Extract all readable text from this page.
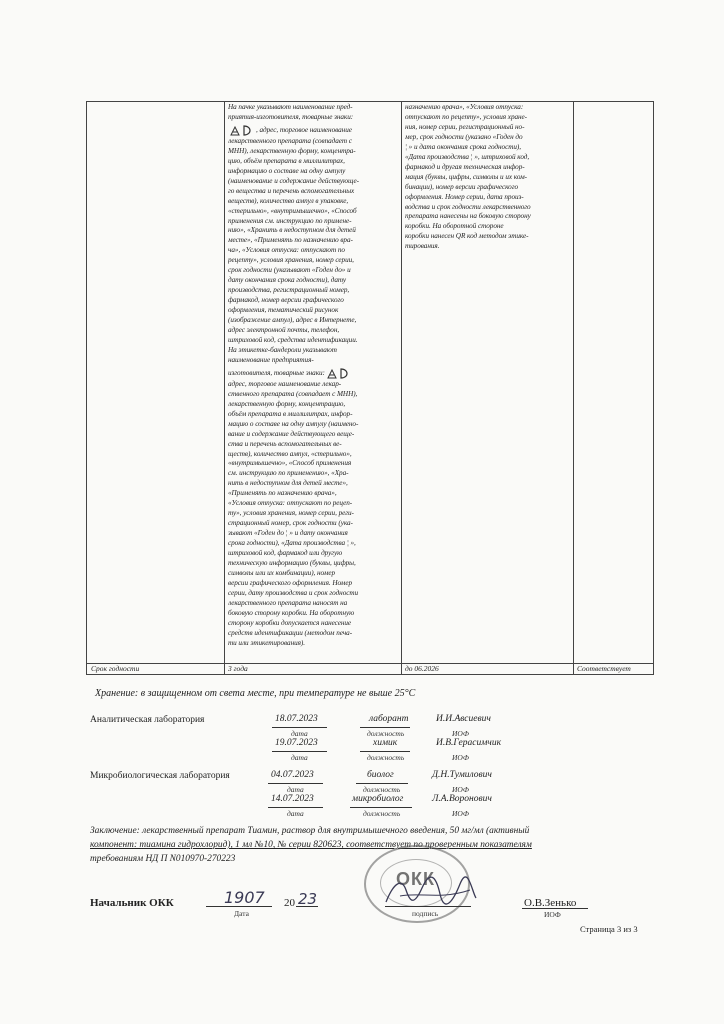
На пачке указывают наименование пред-
приятия-изготовителя, товарные знаки:
, адрес, торговое наименование
лекарственного препарата (совпадает с
МНН), лекарственную форму, концентра-
цию, объём препарата в миллилитрах,
информацию о составе на одну ампулу
(наименование и содержание действующе-
го вещества и перечень вспомогательных
веществ), количество ампул в упаковке,
«стерильно», «внутримышечно», «Способ
применения см. инструкцию по примене-
нию», «Хранить в недоступном для детей
месте», «Применять по назначению вра-
ча», «Условия отпуска: отпускают по
рецепту», условия хранения, номер серии,
срок годности (указывают «Годен до» и
дату окончания срока годности), дату
производства, регистрационный номер,
фармакод, номер версии графического
оформления, тематический рисунок
(изображение ампул), адрес в Интернете,
адрес электронной почты, телефон,
штриховой код, средства идентификации.
На этикетке-бандероли указывают
наименование предприятия-
изготовителя, товарные знаки:
адрес, торговое наименование лекар-
ственного препарата (совпадает с МНН),
лекарственную форму, концентрацию,
объём препарата в миллилитрах, инфор-
мацию о составе на одну ампулу (наимено-
вание и содержание действующего веще-
ства и перечень вспомогательных ве-
ществ), количество ампул, «стерильно»,
«внутримышечно», «Способ применения
см. инструкцию по применению», «Хра-
нить в недоступном для детей месте»,
«Применять по назначению врача»,
«Условия отпуска: отпускают по рецеп-
ту», условия хранения, номер серии, реги-
страционный номер, срок годности (ука-
зывают «Годен до ¦ » и дату окончания
срока годности), «Дата производства ¦ »,
штриховой код, фармакод или другую
техническую информацию (буквы, цифры,
символы или их комбинации), номер
версии графического оформления. Номер
серии, дату производства и срок годности
лекарственного препарата наносят на
боковую сторону коробки. На оборотную
сторону коробки допускается нанесение
средств идентификации (методом печа-
ти или этикетирования).
назначению врача», «Условия отпуска:
отпускают по рецепту», условия хране-
ния, номер серии, регистрационный но-
мер, срок годности (указано «Годен до
¦ » и дата окончания срока годности),
«Дата производства ¦ », штриховой код,
фармакод и другая техническая инфор-
мация (буквы, цифры, символы и их ком-
бинации), номер версии графического
оформления. Номер серии, дата произ-
водства и срок годности лекарственного
препарата нанесены на боковую сторону
коробки. На оборотной стороне
коробки нанесен QR код методом этике-
тирования.
Срок годности	3 года	до 06.2026	Соответствует
Хранение: в защищенном от света месте, при температуре не выше 25°C
Аналитическая лаборатория	18.07.2023
дата
лаборант
должность
И.И.Авсиевич
ИОФ
19.07.2023
дата
химик
должность
И.В.Герасимчик
ИОФ
Микробиологическая лаборатория	04.07.2023
дата
биолог
должность
Д.Н.Тумилович
ИОФ
14.07.2023
дата
микробиолог
должность
Л.А.Воронович
ИОФ
Заключение: лекарственный препарат Тиамин, раствор для внутримышечного введения, 50 мг/мл (активный
компонент: тиамина гидрохлорид), 1 мл №10, № серии 820623, соответствует по проверенным показателям
требованиям НД П N010970-270223
ОКК
Начальник ОКК	1907
Дата
20 23
подпись
О.В.Зенько
ИОФ
Страница 3 из 3
